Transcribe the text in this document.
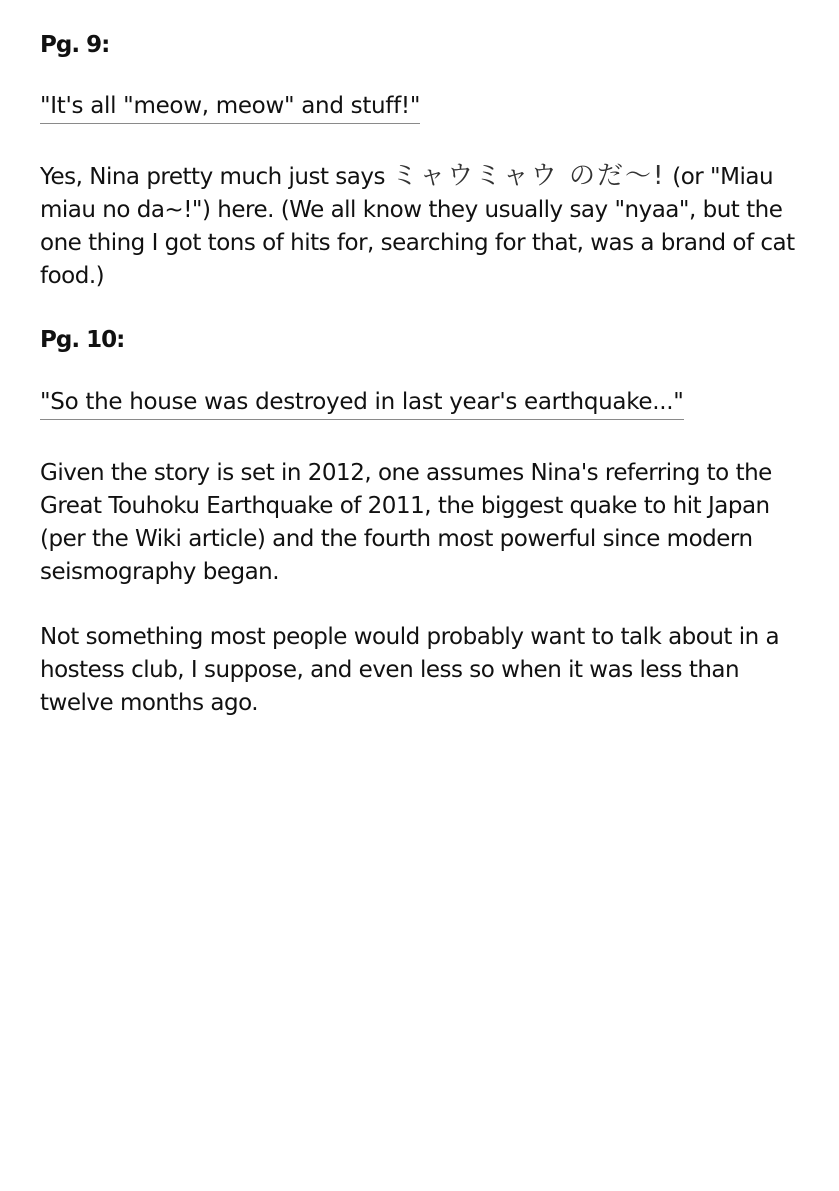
Pg. 9:

"It's all "meow, meow" and stuff!"

Yes, Nina pretty much just says ミャウミャウ のだ〜! (or "Miau miau no da~!") here. (We all know they usually say "nyaa", but the one thing I got tons of hits for, searching for that, was a brand of cat food.)

Pg. 10:

"So the house was destroyed in last year's earthquake..."

Given the story is set in 2012, one assumes Nina's referring to the Great Touhoku Earthquake of 2011, the biggest quake to hit Japan (per the Wiki article) and the fourth most powerful since modern seismography began.

Not something most people would probably want to talk about in a hostess club, I suppose, and even less so when it was less than twelve months ago.
